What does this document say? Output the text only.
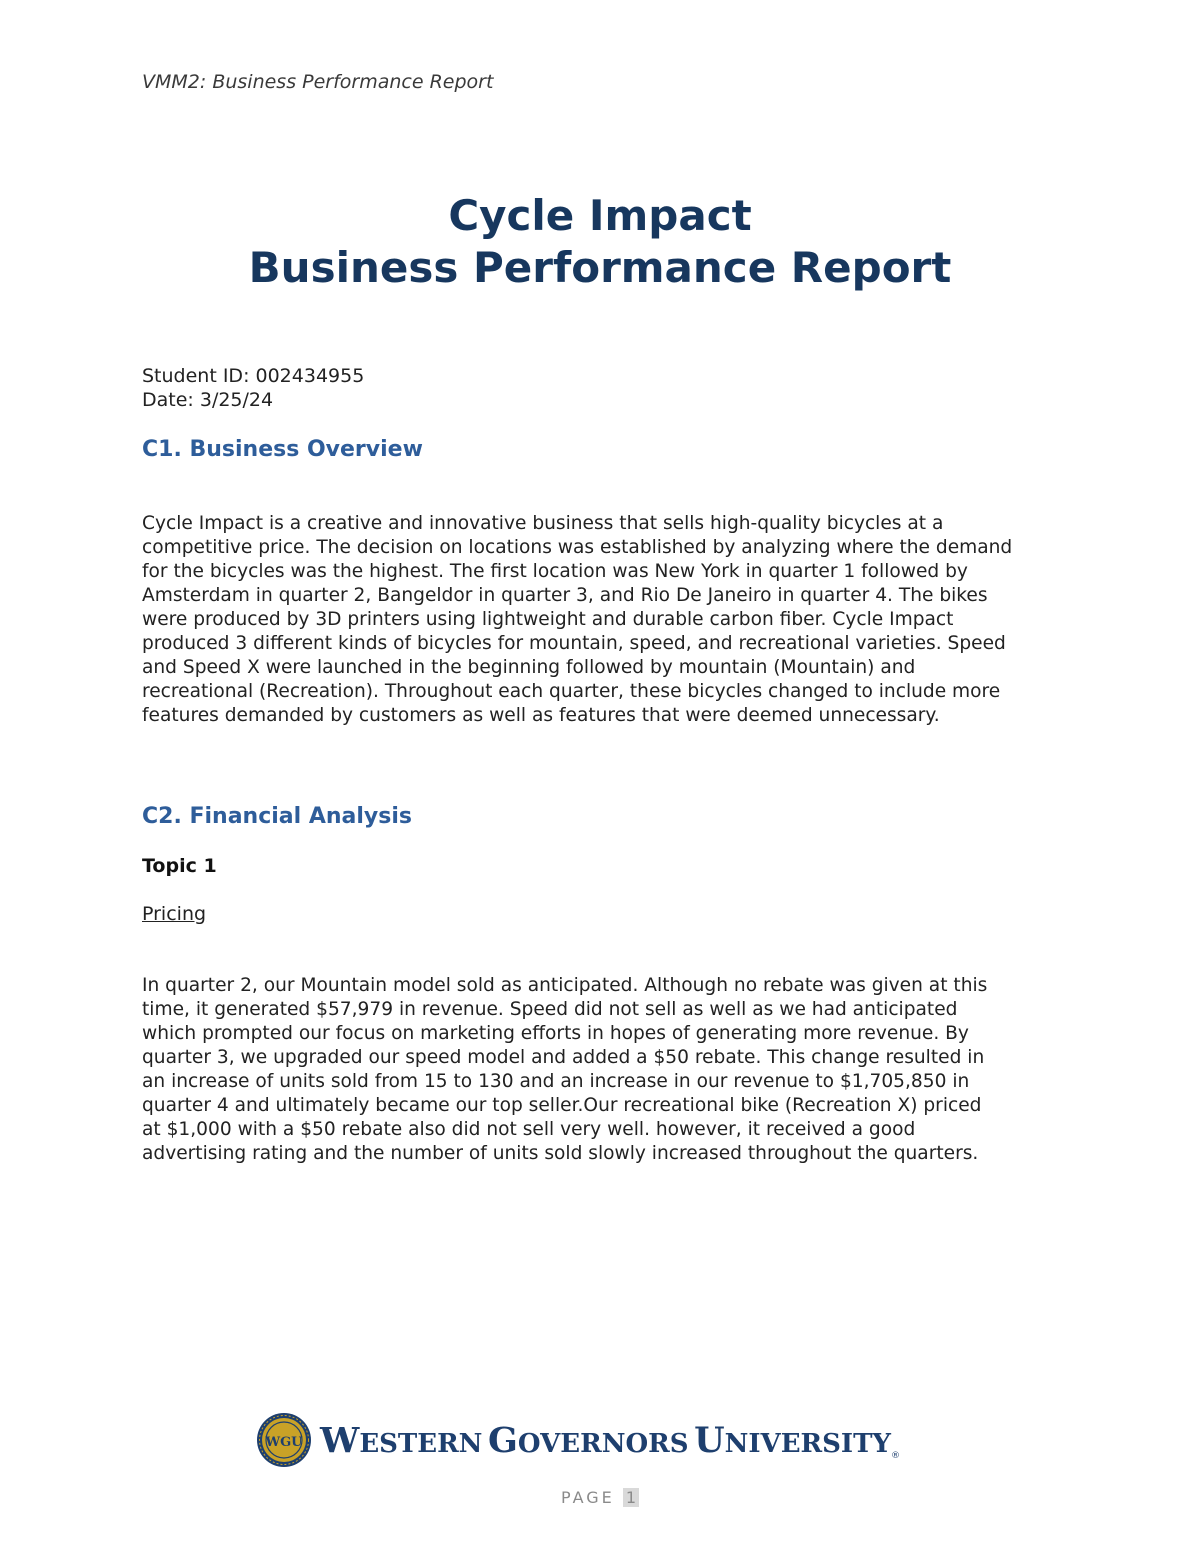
VMM2: Business Performance Report
Cycle Impact
Business Performance Report
Student ID: 002434955
Date: 3/25/24
C1. Business Overview
Cycle Impact is a creative and innovative business that sells high-quality bicycles at a
competitive price. The decision on locations was established by analyzing where the demand
for the bicycles was the highest. The first location was New York in quarter 1 followed by
Amsterdam in quarter 2, Bangeldor in quarter 3, and Rio De Janeiro in quarter 4. The bikes
were produced by 3D printers using lightweight and durable carbon fiber. Cycle Impact
produced 3 different kinds of bicycles for mountain, speed, and recreational varieties. Speed
and Speed X were launched in the beginning followed by mountain (Mountain) and
recreational (Recreation). Throughout each quarter, these bicycles changed to include more
features demanded by customers as well as features that were deemed unnecessary.
C2. Financial Analysis
Topic 1
Pricing
In quarter 2, our Mountain model sold as anticipated. Although no rebate was given at this
time, it generated $57,979 in revenue. Speed did not sell as well as we had anticipated
which prompted our focus on marketing efforts in hopes of generating more revenue. By
quarter 3, we upgraded our speed model and added a $50 rebate. This change resulted in
an increase of units sold from 15 to 130 and an increase in our revenue to $1,705,850 in
quarter 4 and ultimately became our top seller.Our recreational bike (Recreation X) priced
at $1,000 with a $50 rebate also did not sell very well. however, it received a good
advertising rating and the number of units sold slowly increased throughout the quarters.
WGU WESTERN GOVERNORS UNIVERSITY®
PAGE 1
